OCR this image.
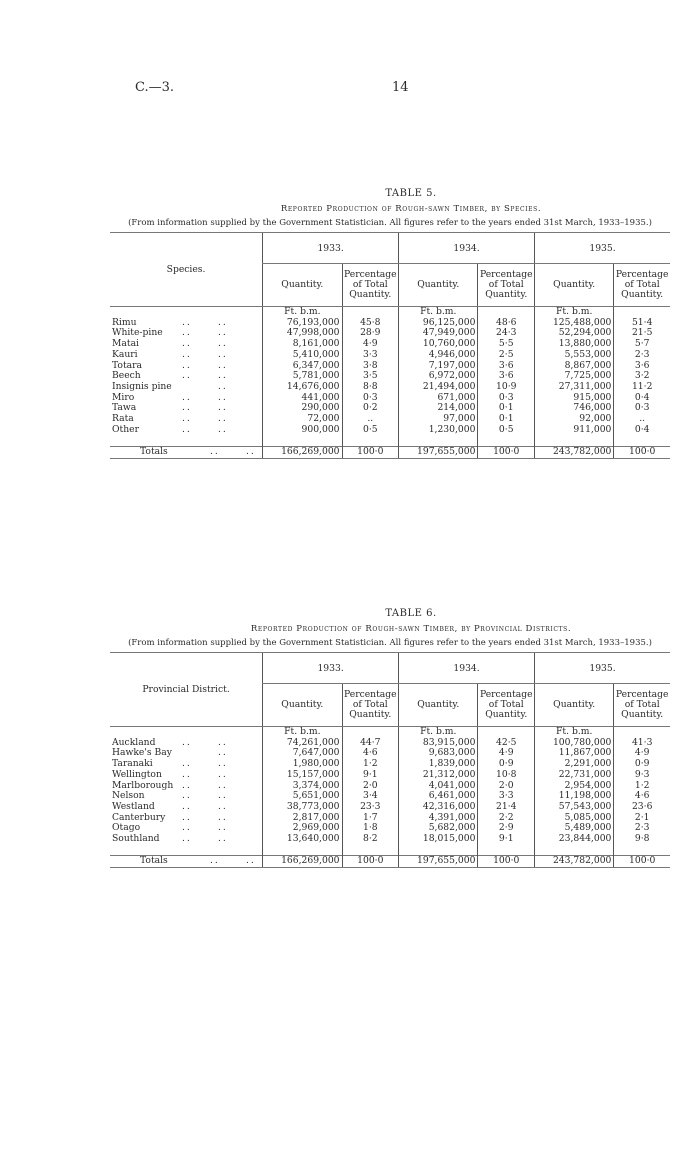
C.—3.	14
TABLE 5.
Reported Production of Rough-sawn Timber, by Species.
(From information supplied by the Government Statistician. All figures refer to the years ended 31st March, 1933–1935.)
Species.	1933.		1934.		1935.	
	Quantity.	Percentage of Total Quantity.	Quantity.	Percentage of Total Quantity.	Quantity.	Percentage of Total Quantity.
	Ft. b.m.		Ft. b.m.		Ft. b.m.	
Rimu .. ..	76,193,000	45·8	96,125,000	48·6	125,488,000	51·4
White-pine .. ..	47,998,000	28·9	47,949,000	24·3	52,294,000	21·5
Matai .. ..	8,161,000	4·9	10,760,000	5·5	13,880,000	5·7
Kauri .. ..	5,410,000	3·3	4,946,000	2·5	5,553,000	2·3
Totara .. ..	6,347,000	3·8	7,197,000	3·6	8,867,000	3·6
Beech .. ..	5,781,000	3·5	6,972,000	3·6	7,725,000	3·2
Insignis pine ..	14,676,000	8·8	21,494,000	10·9	27,311,000	11·2
Miro .. ..	441,000	0·3	671,000	0·3	915,000	0·4
Tawa .. ..	290,000	0·2	214,000	0·1	746,000	0·3
Rata .. ..	72,000	..	97,000	0·1	92,000	..
Other .. ..	900,000	0·5	1,230,000	0·5	911,000	0·4

Totals .. ..	166,269,000	100·0	197,655,000	100·0	243,782,000	100·0
TABLE 6.
Reported Production of Rough-sawn Timber, by Provincial Districts.
(From information supplied by the Government Statistician. All figures refer to the years ended 31st March, 1933–1935.)
Provincial District.	1933.		1934.		1935.	
	Quantity.	Percentage of Total Quantity.	Quantity.	Percentage of Total Quantity.	Quantity.	Percentage of Total Quantity.
	Ft. b.m.		Ft. b.m.		Ft. b.m.	
Auckland .. ..	74,261,000	44·7	83,915,000	42·5	100,780,000	41·3
Hawke's Bay ..	7,647,000	4·6	9,683,000	4·9	11,867,000	4·9
Taranaki .. ..	1,980,000	1·2	1,839,000	0·9	2,291,000	0·9
Wellington .. ..	15,157,000	9·1	21,312,000	10·8	22,731,000	9·3
Marlborough .. ..	3,374,000	2·0	4,041,000	2·0	2,954,000	1·2
Nelson .. ..	5,651,000	3·4	6,461,000	3·3	11,198,000	4·6
Westland .. ..	38,773,000	23·3	42,316,000	21·4	57,543,000	23·6
Canterbury .. ..	2,817,000	1·7	4,391,000	2·2	5,085,000	2·1
Otago .. ..	2,969,000	1·8	5,682,000	2·9	5,489,000	2·3
Southland .. ..	13,640,000	8·2	18,015,000	9·1	23,844,000	9·8

Totals .. ..	166,269,000	100·0	197,655,000	100·0	243,782,000	100·0
